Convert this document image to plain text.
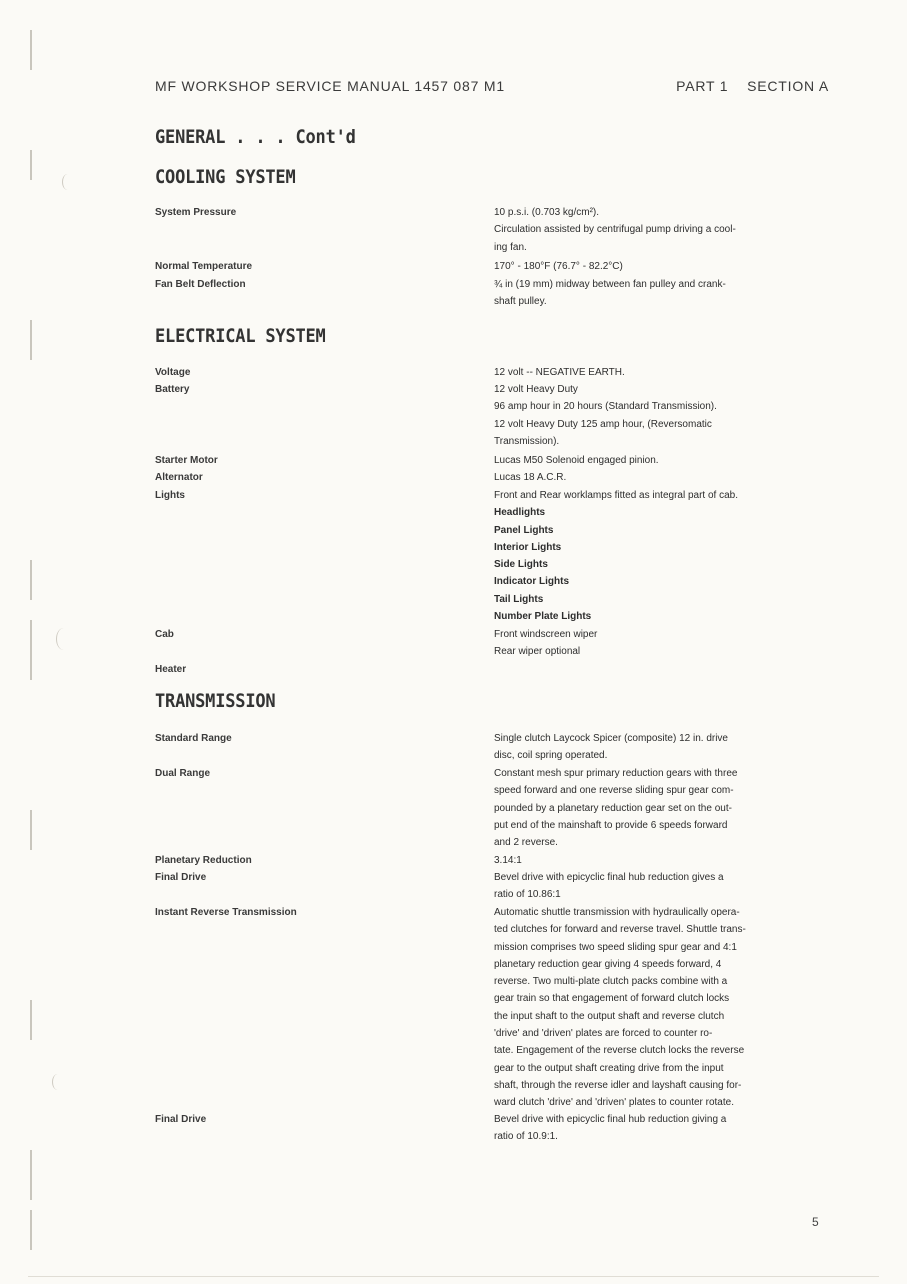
MF WORKSHOP SERVICE MANUAL 1457 087 M1	PART 1 SECTION A
GENERAL . . . Cont'd
COOLING SYSTEM
System Pressure	10 p.s.i. (0.703 kg/cm²).
Circulation assisted by centrifugal pump driving a cool-
ing fan.
Normal Temperature	170° - 180°F (76.7° - 82.2°C)
Fan Belt Deflection	¾ in (19 mm) midway between fan pulley and crank-
shaft pulley.
ELECTRICAL SYSTEM
Voltage	12 volt -- NEGATIVE EARTH.
Battery	12 volt Heavy Duty
96 amp hour in 20 hours (Standard Transmission).
12 volt Heavy Duty 125 amp hour, (Reversomatic
Transmission).
Starter Motor	Lucas M50 Solenoid engaged pinion.
Alternator	Lucas 18 A.C.R.
Lights	Front and Rear worklamps fitted as integral part of cab.
Headlights
Panel Lights
Interior Lights
Side Lights
Indicator Lights
Tail Lights
Number Plate Lights
Cab	Front windscreen wiper
Rear wiper optional
Heater
TRANSMISSION
Standard Range	Single clutch Laycock Spicer (composite) 12 in. drive
disc, coil spring operated.
Dual Range	Constant mesh spur primary reduction gears with three
speed forward and one reverse sliding spur gear com-
pounded by a planetary reduction gear set on the out-
put end of the mainshaft to provide 6 speeds forward
and 2 reverse.
Planetary Reduction	3.14:1
Final Drive	Bevel drive with epicyclic final hub reduction gives a
ratio of 10.86:1
Instant Reverse Transmission	Automatic shuttle transmission with hydraulically opera-
ted clutches for forward and reverse travel. Shuttle trans-
mission comprises two speed sliding spur gear and 4:1
planetary reduction gear giving 4 speeds forward, 4
reverse. Two multi-plate clutch packs combine with a
gear train so that engagement of forward clutch locks
the input shaft to the output shaft and reverse clutch
'drive' and 'driven' plates are forced to counter ro-
tate. Engagement of the reverse clutch locks the reverse
gear to the output shaft creating drive from the input
shaft, through the reverse idler and layshaft causing for-
ward clutch 'drive' and 'driven' plates to counter rotate.
Final Drive	Bevel drive with epicyclic final hub reduction giving a
ratio of 10.9:1.
5
